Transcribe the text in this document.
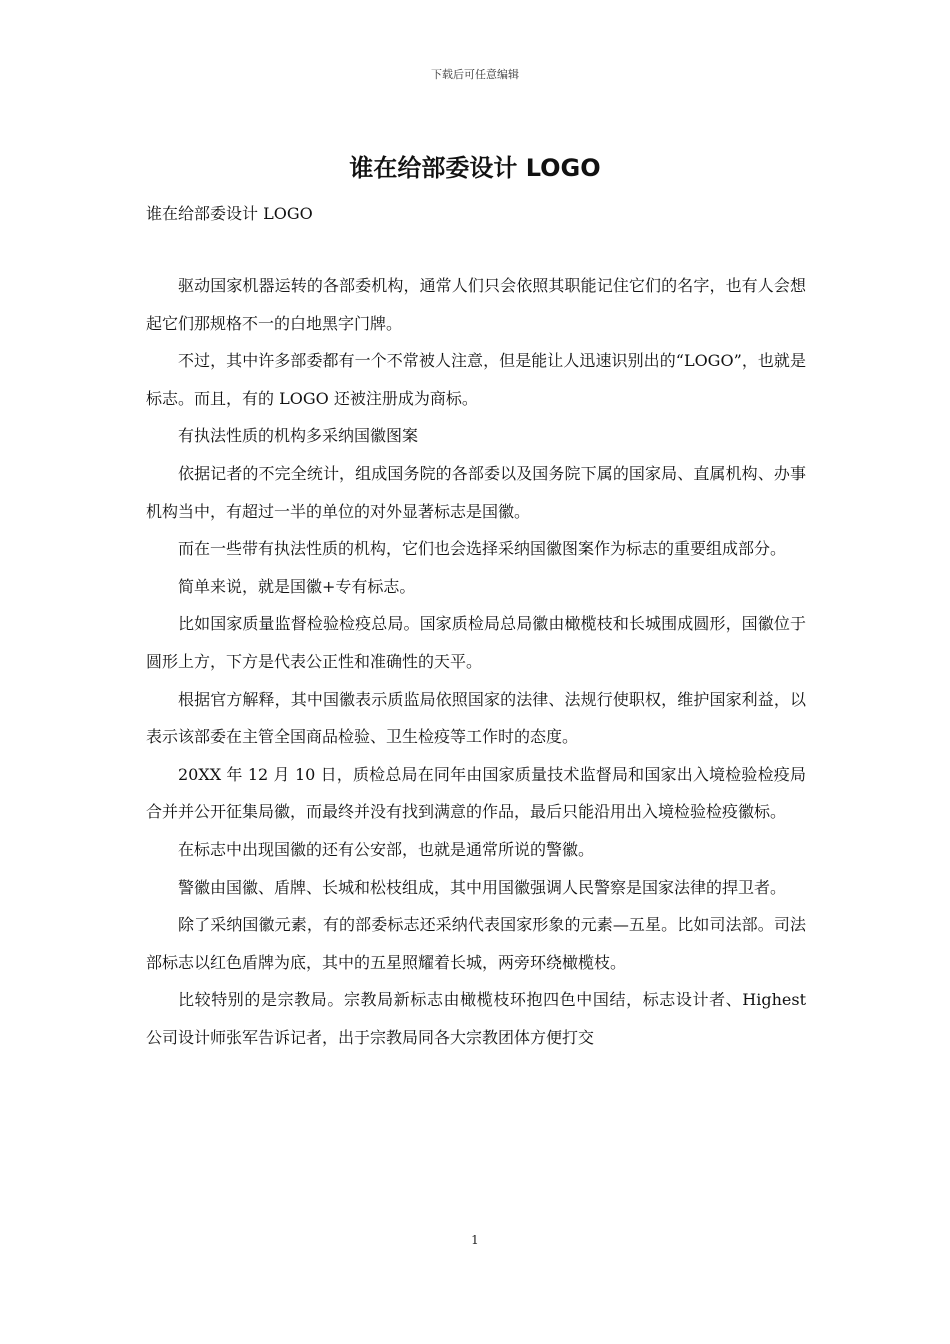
下载后可任意编辑
谁在给部委设计 LOGO
谁在给部委设计 LOGO

驱动国家机器运转的各部委机构，通常人们只会依照其职能记住它们的名字，也有人会想起它们那规格不一的白地黑字门牌。

不过，其中许多部委都有一个不常被人注意，但是能让人迅速识别出的“LOGO”，也就是标志。而且，有的 LOGO 还被注册成为商标。

有执法性质的机构多采纳国徽图案

依据记者的不完全统计，组成国务院的各部委以及国务院下属的国家局、直属机构、办事机构当中，有超过一半的单位的对外显著标志是国徽。

而在一些带有执法性质的机构，它们也会选择采纳国徽图案作为标志的重要组成部分。

简单来说，就是国徽+专有标志。

比如国家质量监督检验检疫总局。国家质检局总局徽由橄榄枝和长城围成圆形，国徽位于圆形上方，下方是代表公正性和准确性的天平。

根据官方解释，其中国徽表示质监局依照国家的法律、法规行使职权，维护国家利益，以表示该部委在主管全国商品检验、卫生检疫等工作时的态度。

20XX 年 12 月 10 日，质检总局在同年由国家质量技术监督局和国家出入境检验检疫局合并并公开征集局徽，而最终并没有找到满意的作品，最后只能沿用出入境检验检疫徽标。

在标志中出现国徽的还有公安部，也就是通常所说的警徽。

警徽由国徽、盾牌、长城和松枝组成，其中用国徽强调人民警察是国家法律的捍卫者。

除了采纳国徽元素，有的部委标志还采纳代表国家形象的元素—五星。比如司法部。司法部标志以红色盾牌为底，其中的五星照耀着长城，两旁环绕橄榄枝。

比较特别的是宗教局。宗教局新标志由橄榄枝环抱四色中国结，标志设计者、Highest 公司设计师张军告诉记者，出于宗教局同各大宗教团体方便打交

1
